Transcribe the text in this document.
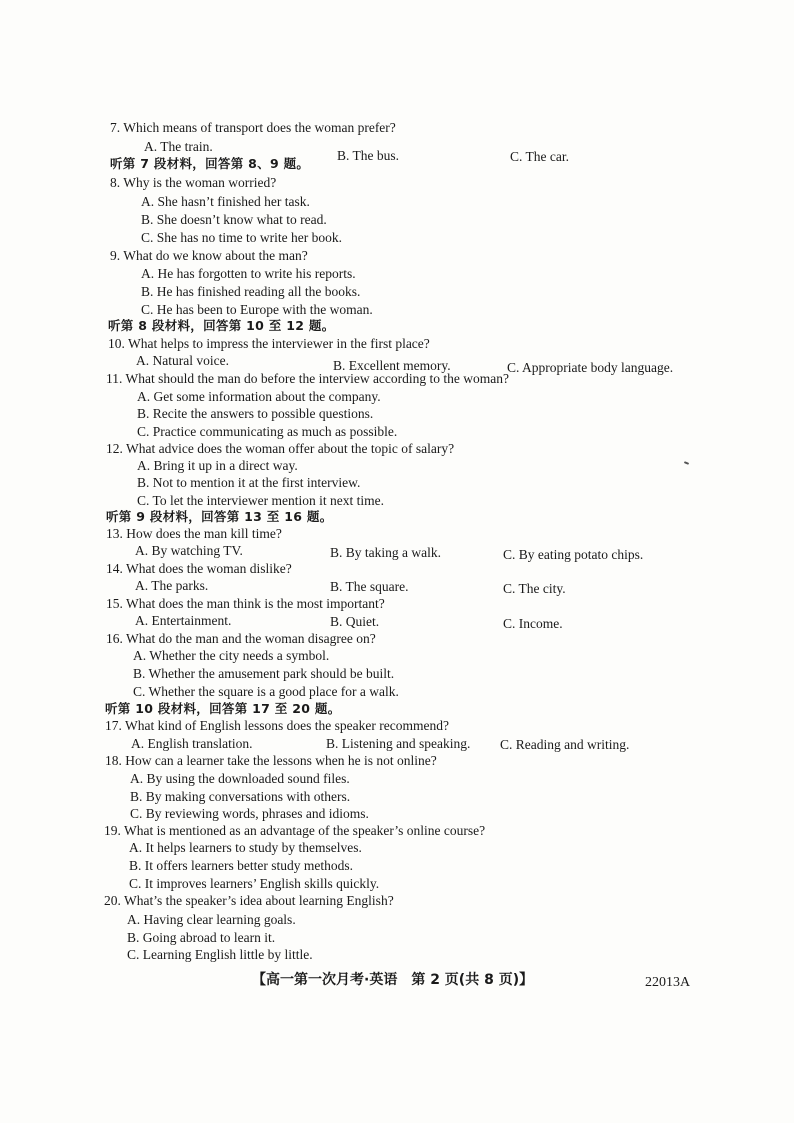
7. Which means of transport does the woman prefer?
A. The train.
B. The bus.	C. The car.
听第 7 段材料，回答第 8、9 题。
8. Why is the woman worried?
A. She hasn’t finished her task.
B. She doesn’t know what to read.
C. She has no time to write her book.
9. What do we know about the man?
A. He has forgotten to write his reports.
B. He has finished reading all the books.
C. He has been to Europe with the woman.
听第 8 段材料，回答第 10 至 12 题。
10. What helps to impress the interviewer in the first place?
A. Natural voice.	B. Excellent memory.	C. Appropriate body language.
11. What should the man do before the interview according to the woman?
A. Get some information about the company.
B. Recite the answers to possible questions.
C. Practice communicating as much as possible.
12. What advice does the woman offer about the topic of salary?
A. Bring it up in a direct way.
B. Not to mention it at the first interview.
C. To let the interviewer mention it next time.
听第 9 段材料，回答第 13 至 16 题。
13. How does the man kill time?
A. By watching TV.	B. By taking a walk.	C. By eating potato chips.
14. What does the woman dislike?
A. The parks.	B. The square.	C. The city.
15. What does the man think is the most important?
A. Entertainment.	B. Quiet.	C. Income.
16. What do the man and the woman disagree on?
A. Whether the city needs a symbol.
B. Whether the amusement park should be built.
C. Whether the square is a good place for a walk.
听第 10 段材料，回答第 17 至 20 题。
17. What kind of English lessons does the speaker recommend?
A. English translation.	B. Listening and speaking. C. Reading and writing.
18. How can a learner take the lessons when he is not online?
A. By using the downloaded sound files.
B. By making conversations with others.
C. By reviewing words, phrases and idioms.
19. What is mentioned as an advantage of the speaker’s online course?
A. It helps learners to study by themselves.
B. It offers learners better study methods.
C. It improves learners’ English skills quickly.
20. What’s the speaker’s idea about learning English?
A. Having clear learning goals.
B. Going abroad to learn it.
C. Learning English little by little.
【高一第一次月考·英语　第 2 页(共 8 页)】	22013A
